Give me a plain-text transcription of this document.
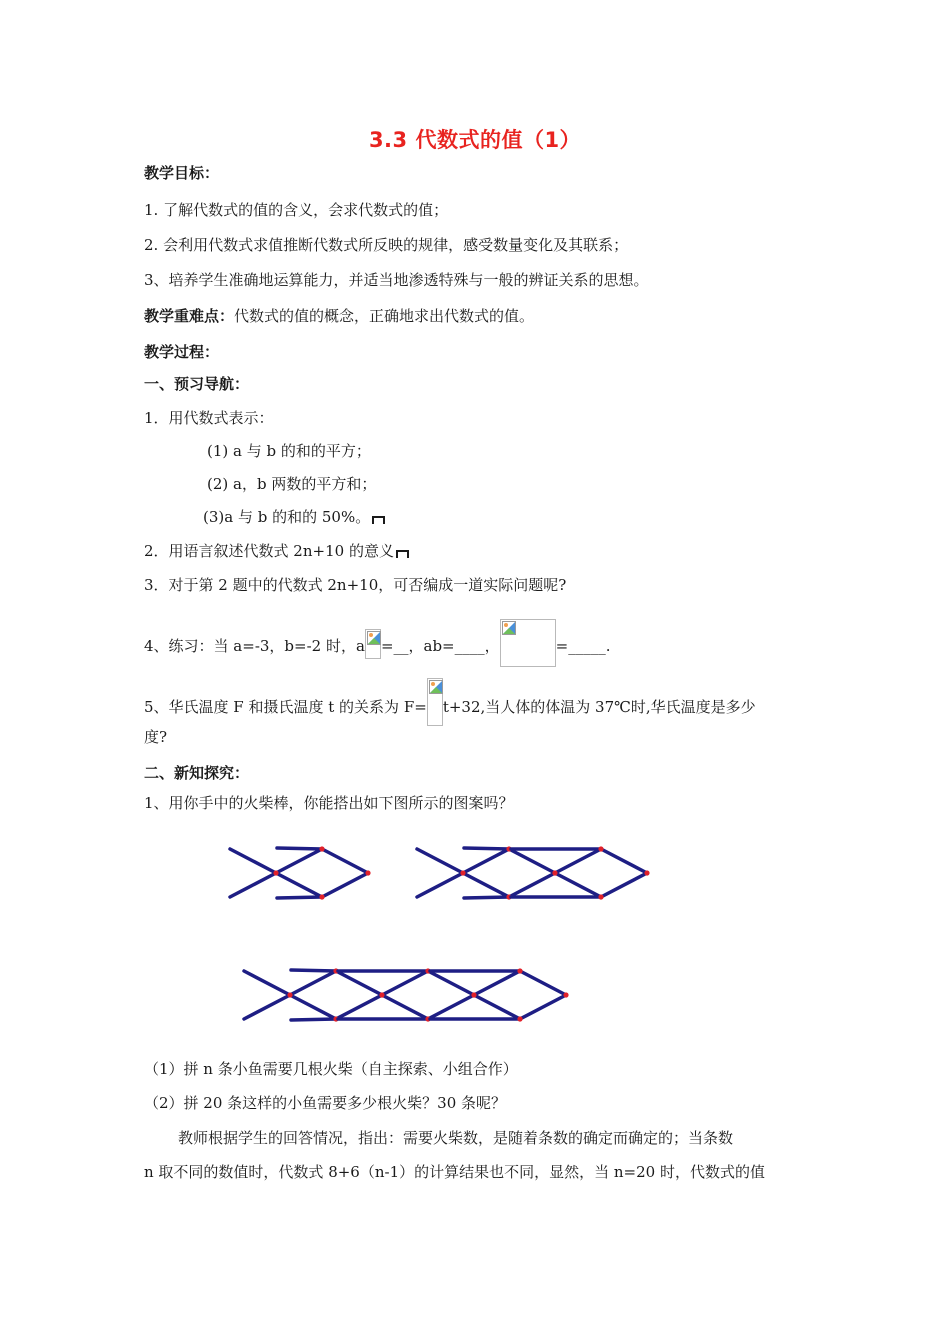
3.3 代数式的值（1）
教学目标：
1. 了解代数式的值的含义，会求代数式的值；
2. 会利用代数式求值推断代数式所反映的规律，感受数量变化及其联系；
3、培养学生准确地运算能力，并适当地渗透特殊与一般的辨证关系的思想。
教学重难点：代数式的值的概念，正确地求出代数式的值。
教学过程：
一、预习导航：
1．用代数式表示：
(1) a 与 b 的和的平方；
(2) a，b 两数的平方和；
(3)a 与 b 的和的 50%。
2．用语言叙述代数式 2n+10 的意义
3．对于第 2 题中的代数式 2n+10，可否编成一道实际问题呢?
4、练习：当 a=-3，b=-2 时，a =__，ab=____，	=_____.
5、华氏温度 F 和摄氏温度 t 的关系为 F= t+32,当人体的体温为 37℃时,华氏温度是多少
度?
二、新知探究：
1、用你手中的火柴棒，你能搭出如下图所示的图案吗？
（1）拼 n 条小鱼需要几根火柴（自主探索、小组合作）
（2）拼 20 条这样的小鱼需要多少根火柴？30 条呢？
教师根据学生的回答情况，指出：需要火柴数，是随着条数的确定而确定的；当条数
n 取不同的数值时，代数式 8+6（n-1）的计算结果也不同，显然，当 n=20 时，代数式的值
